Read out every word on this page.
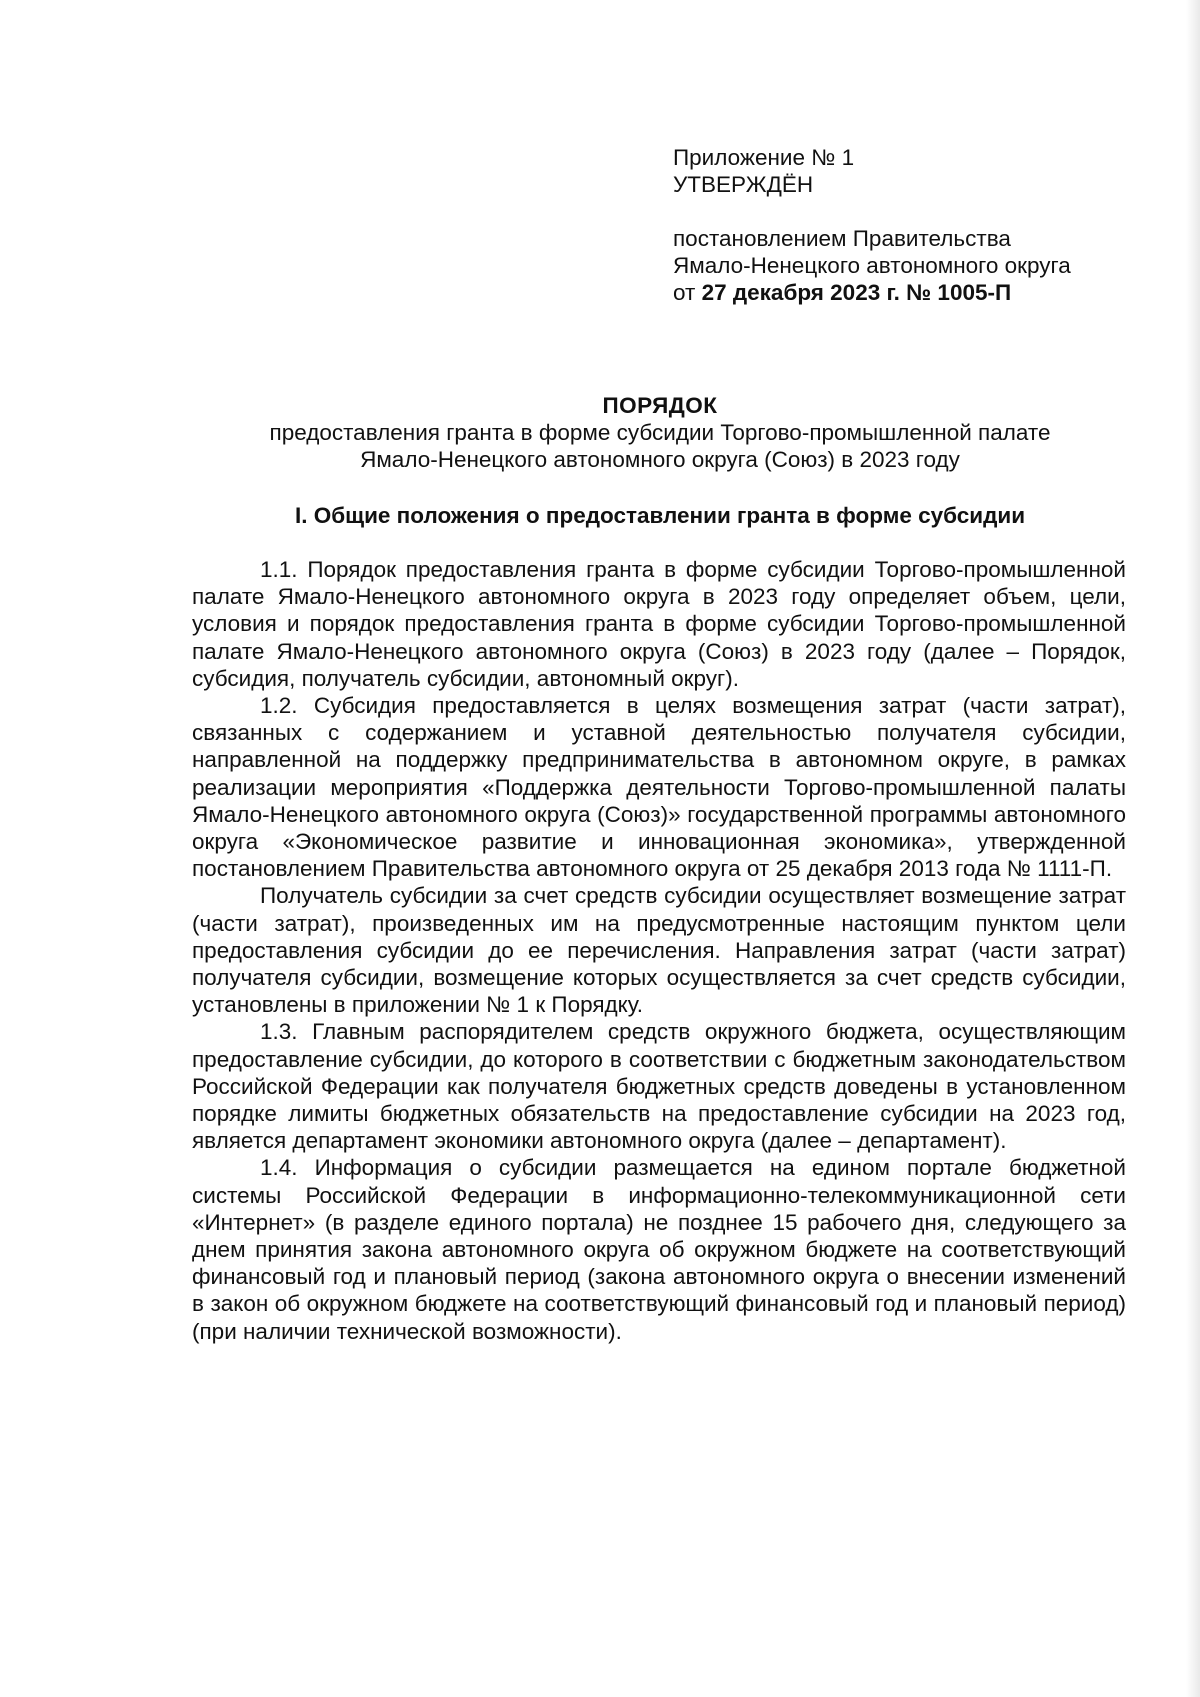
Приложение № 1
УТВЕРЖДЁН
постановлением Правительства
Ямало-Ненецкого автономного округа
от 27 декабря 2023 г. № 1005-П
ПОРЯДОК
предоставления гранта в форме субсидии Торгово-промышленной палате
Ямало-Ненецкого автономного округа (Союз) в 2023 году
I. Общие положения о предоставлении гранта в форме субсидии

1.1. Порядок предоставления гранта в форме субсидии Торгово-промышленной палате Ямало-Ненецкого автономного округа в 2023 году определяет объем, цели, условия и порядок предоставления гранта в форме субсидии Торгово-промышленной палате Ямало-Ненецкого автономного округа (Союз) в 2023 году (далее – Порядок, субсидия, получатель субсидии, автономный округ).

1.2. Субсидия предоставляется в целях возмещения затрат (части затрат), связанных с содержанием и уставной деятельностью получателя субсидии, направленной на поддержку предпринимательства в автономном округе, в рамках реализации мероприятия «Поддержка деятельности Торгово-промышленной палаты Ямало-Ненецкого автономного округа (Союз)» государственной программы автономного округа «Экономическое развитие и инновационная экономика», утвержденной постановлением Правительства автономного округа от 25 декабря 2013 года № 1111-П.

Получатель субсидии за счет средств субсидии осуществляет возмещение затрат (части затрат), произведенных им на предусмотренные настоящим пунктом цели предоставления субсидии до ее перечисления. Направления затрат (части затрат) получателя субсидии, возмещение которых осуществляется за счет средств субсидии, установлены в приложении № 1 к Порядку.

1.3. Главным распорядителем средств окружного бюджета, осуществляющим предоставление субсидии, до которого в соответствии с бюджетным законодательством Российской Федерации как получателя бюджетных средств доведены в установленном порядке лимиты бюджетных обязательств на предоставление субсидии на 2023 год, является департамент экономики автономного округа (далее – департамент).

1.4. Информация о субсидии размещается на едином портале бюджетной системы Российской Федерации в информационно-телекоммуникационной сети «Интернет» (в разделе единого портала) не позднее 15 рабочего дня, следующего за днем принятия закона автономного округа об окружном бюджете на соответствующий финансовый год и плановый период (закона автономного округа о внесении изменений в закон об окружном бюджете на соответствующий финансовый год и плановый период) (при наличии технической возможности).
